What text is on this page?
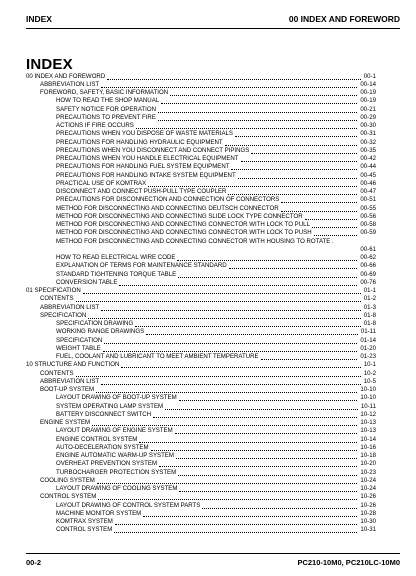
INDEX	00 INDEX AND FOREWORD
INDEX
00 INDEX AND FOREWORD	00-1
ABBREVIATION LIST	00-14
FOREWORD, SAFETY, BASIC INFORMATION	00-19
HOW TO READ THE SHOP MANUAL	00-19
SAFETY NOTICE FOR OPERATION	00-21
PRECAUTIONS TO PREVENT FIRE	00-29
ACTIONS IF FIRE OCCURS	00-30
PRECAUTIONS WHEN YOU DISPOSE OF WASTE MATERIALS	00-31
PRECAUTIONS FOR HANDLING HYDRAULIC EQUIPMENT	00-32
PRECAUTIONS WHEN YOU DISCONNECT AND CONNECT PIPINGS	00-35
PRECAUTIONS WHEN YOU HANDLE ELECTRICAL EQUIPMENT	00-42
PRECAUTIONS FOR HANDLING FUEL SYSTEM EQUIPMENT	00-44
PRECAUTIONS FOR HANDLING INTAKE SYSTEM EQUIPMENT	00-45
PRACTICAL USE OF KOMTRAX	00-46
DISCONNECT AND CONNECT PUSH-PULL TYPE COUPLER	00-47
PRECAUTIONS FOR DISCONNECTION AND CONNECTION OF CONNECTORS	00-51
METHOD FOR DISCONNECTING AND CONNECTING DEUTSCH CONNECTOR	00-55
METHOD FOR DISCONNECTING AND CONNECTING SLIDE LOCK TYPE CONNECTOR	00-56
METHOD FOR DISCONNECTING AND CONNECTING CONNECTOR WITH LOCK TO PULL	00-58
METHOD FOR DISCONNECTING AND CONNECTING CONNECTOR WITH LOCK TO PUSH	00-59
METHOD FOR DISCONNECTING AND CONNECTING CONNECTOR WITH HOUSING TO ROTATE .
00-61
HOW TO READ ELECTRICAL WIRE CODE	00-62
EXPLANATION OF TERMS FOR MAINTENANCE STANDARD	00-66
STANDARD TIGHTENING TORQUE TABLE	00-69
CONVERSION TABLE	00-76
01 SPECIFICATION	01-1
CONTENTS	01-2
ABBREVIATION LIST	01-3
SPECIFICATION	01-8
SPECIFICATION DRAWING	01-8
WORKING RANGE DRAWINGS	01-11
SPECIFICATION	01-14
WEIGHT TABLE	01-20
FUEL, COOLANT AND LUBRICANT TO MEET AMBIENT TEMPERATURE	01-23
10 STRUCTURE AND FUNCTION	10-1
CONTENTS	10-2
ABBREVIATION LIST	10-5
BOOT-UP SYSTEM	10-10
LAYOUT DRAWING OF BOOT-UP SYSTEM	10-10
SYSTEM OPERATING LAMP SYSTEM	10-11
BATTERY DISCONNECT SWITCH	10-12
ENGINE SYSTEM	10-13
LAYOUT DRAWING OF ENGINE SYSTEM	10-13
ENGINE CONTROL SYSTEM	10-14
AUTO-DECELERATION SYSTEM	10-16
ENGINE AUTOMATIC WARM-UP SYSTEM	10-18
OVERHEAT PREVENTION SYSTEM	10-20
TURBOCHARGER PROTECTION SYSTEM	10-23
COOLING SYSTEM	10-24
LAYOUT DRAWING OF COOLING SYSTEM	10-24
CONTROL SYSTEM	10-26
LAYOUT DRAWING OF CONTROL SYSTEM PARTS	10-26
MACHINE MONITOR SYSTEM	10-28
KOMTRAX SYSTEM	10-30
CONTROL SYSTEM	10-31
00-2	PC210-10M0, PC210LC-10M0
